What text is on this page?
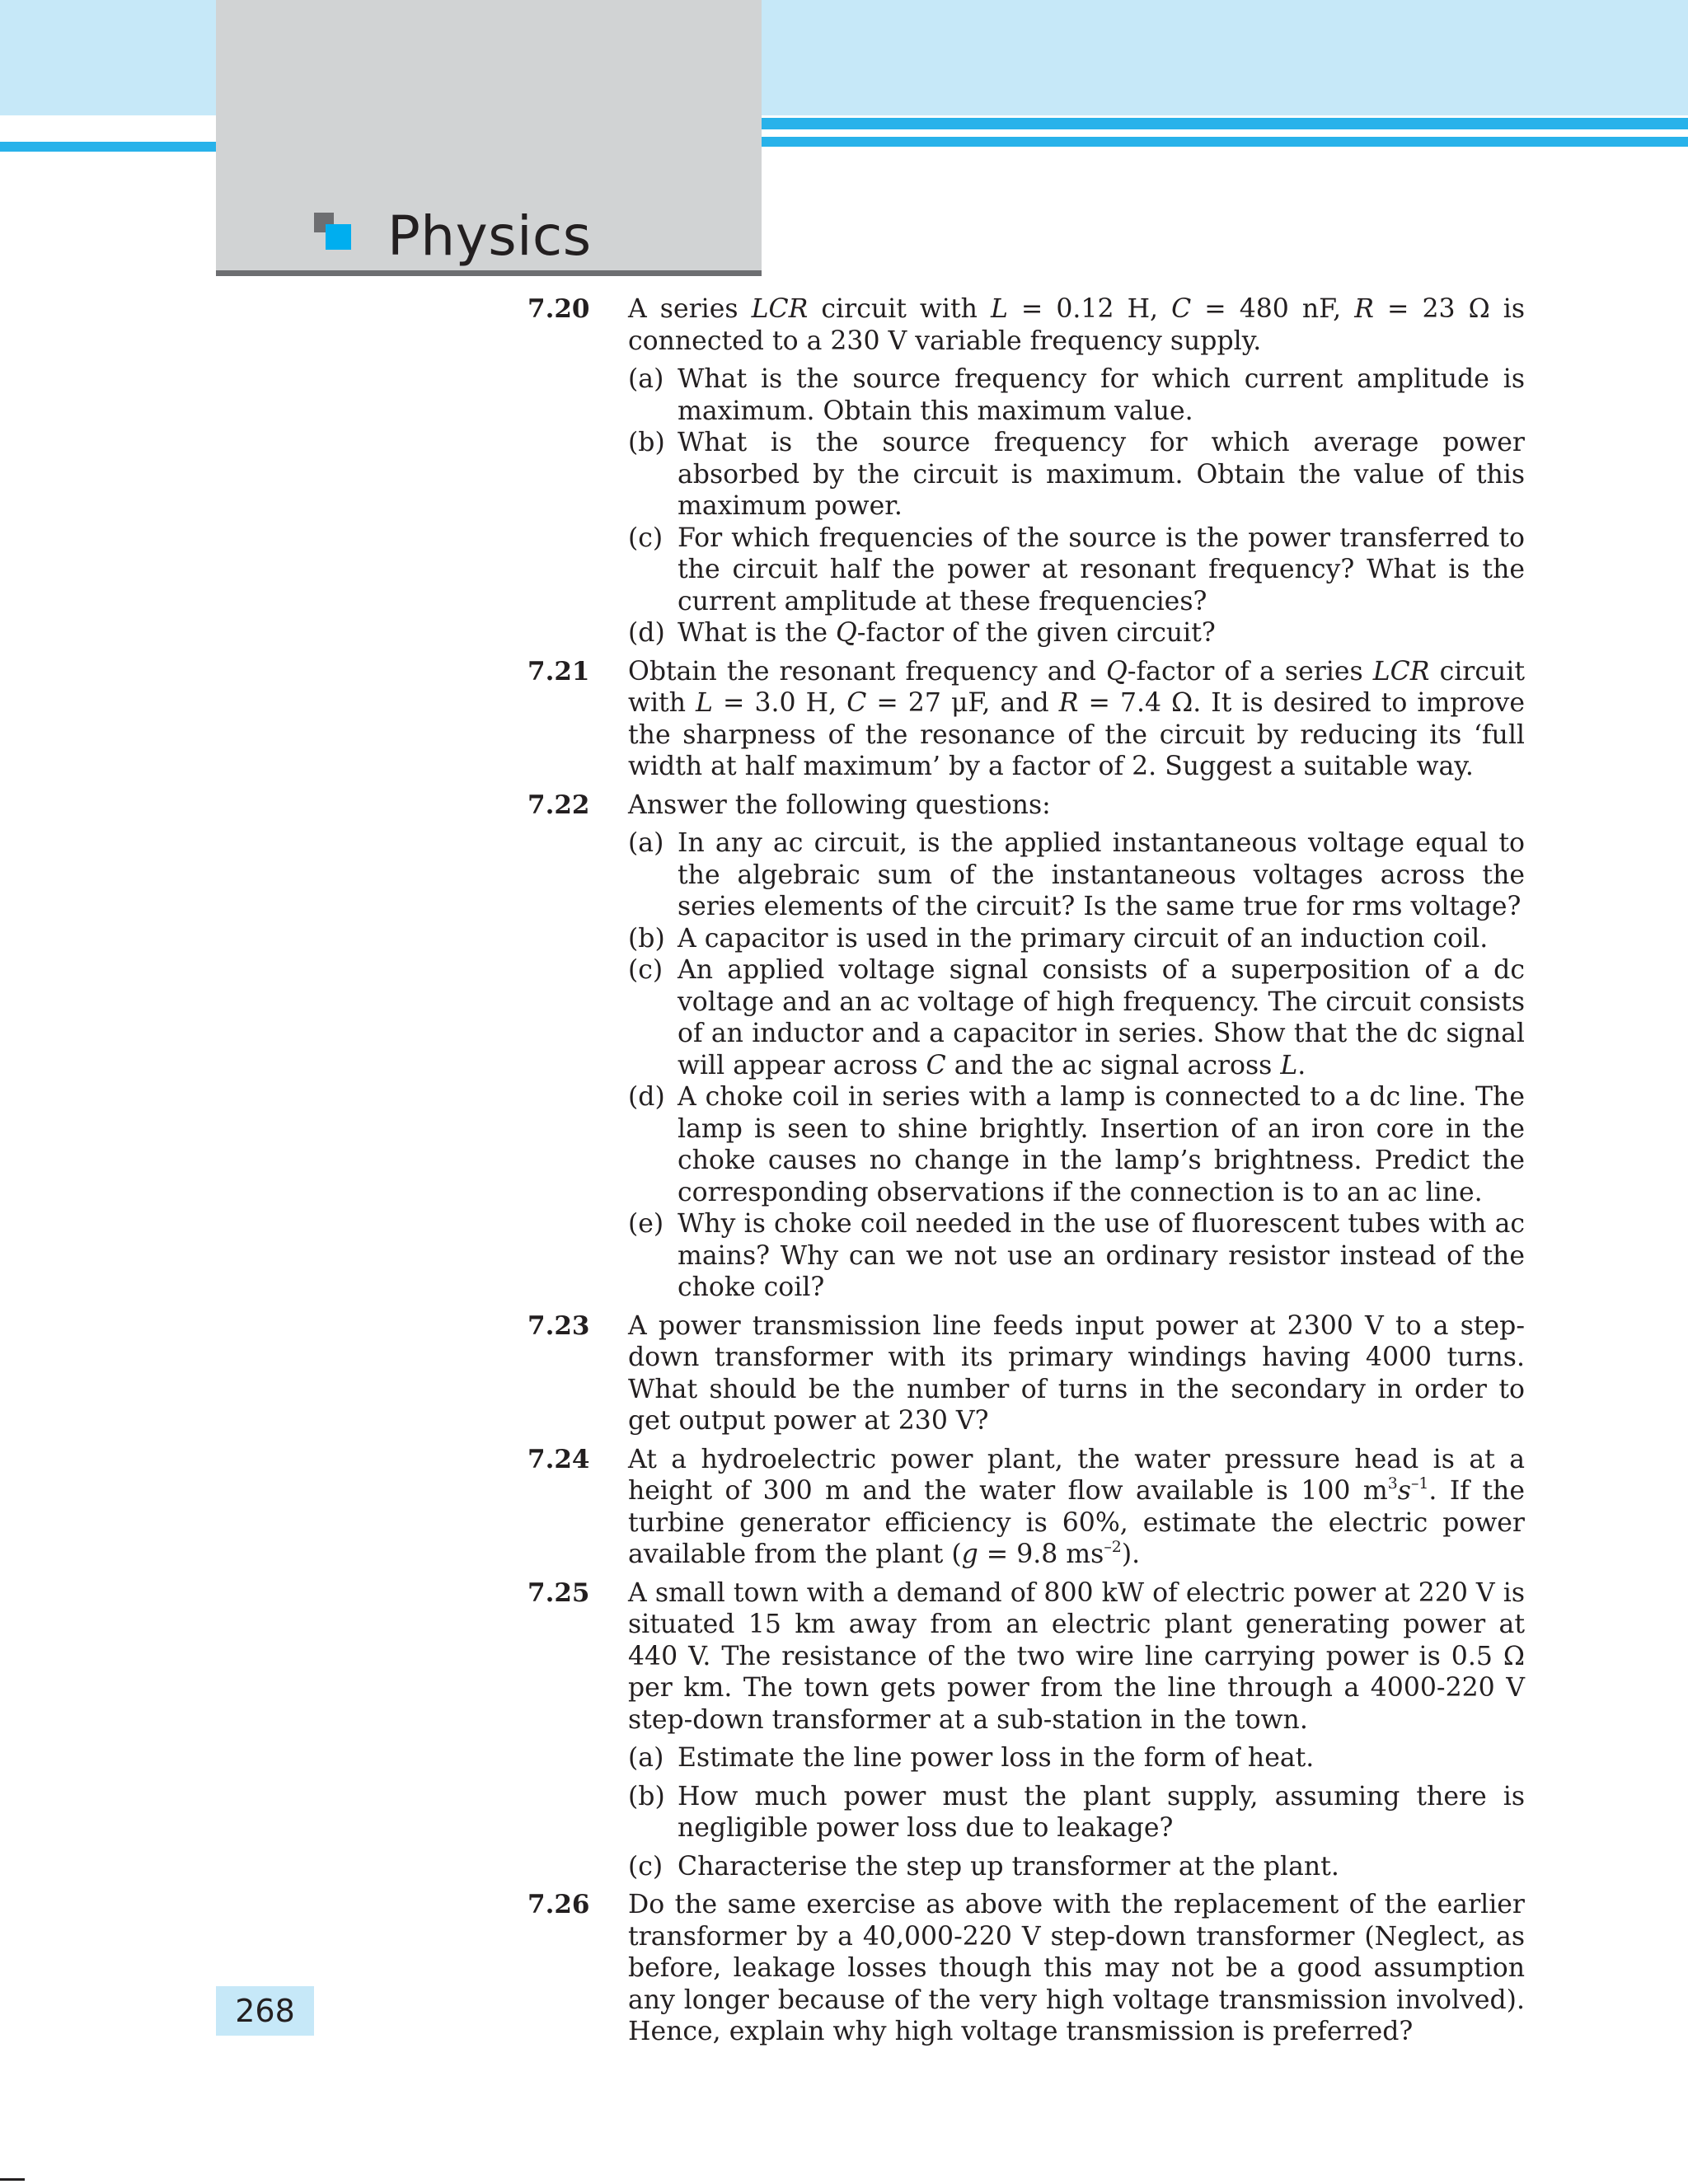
Physics
7.20 A series LCR circuit with L = 0.12 H, C = 480 nF, R = 23 Ω is connected to a 230 V variable frequency supply.

(a) What is the source frequency for which current amplitude is maximum. Obtain this maximum value.

(b) What is the source frequency for which average power absorbed by the circuit is maximum. Obtain the value of this maximum power.

(c) For which frequencies of the source is the power transferred to the circuit half the power at resonant frequency? What is the current amplitude at these frequencies?

(d) What is the Q-factor of the given circuit?

7.21 Obtain the resonant frequency and Q-factor of a series LCR circuit with L = 3.0 H, C = 27 μF, and R = 7.4 Ω. It is desired to improve the sharpness of the resonance of the circuit by reducing its ‘full width at half maximum’ by a factor of 2. Suggest a suitable way.

7.22 Answer the following questions:

(a) In any ac circuit, is the applied instantaneous voltage equal to the algebraic sum of the instantaneous voltages across the series elements of the circuit? Is the same true for rms voltage?

(b) A capacitor is used in the primary circuit of an induction coil.

(c) An applied voltage signal consists of a superposition of a dc voltage and an ac voltage of high frequency. The circuit consists of an inductor and a capacitor in series. Show that the dc signal will appear across C and the ac signal across L.

(d) A choke coil in series with a lamp is connected to a dc line. The lamp is seen to shine brightly. Insertion of an iron core in the choke causes no change in the lamp’s brightness. Predict the corresponding observations if the connection is to an ac line.

(e) Why is choke coil needed in the use of fluorescent tubes with ac mains? Why can we not use an ordinary resistor instead of the choke coil?

7.23 A power transmission line feeds input power at 2300 V to a step-down transformer with its primary windings having 4000 turns. What should be the number of turns in the secondary in order to get output power at 230 V?

7.24 At a hydroelectric power plant, the water pressure head is at a height of 300 m and the water flow available is 100 $m^3s^{-1}$. If the turbine generator efficiency is 60%, estimate the electric power available from the plant (g = 9.8 $ms^{-2}$).

7.25 A small town with a demand of 800 kW of electric power at 220 V is situated 15 km away from an electric plant generating power at 440 V. The resistance of the two wire line carrying power is 0.5 Ω per km. The town gets power from the line through a 4000-220 V step-down transformer at a sub-station in the town.

(a) Estimate the line power loss in the form of heat.

(b) How much power must the plant supply, assuming there is negligible power loss due to leakage?

(c) Characterise the step up transformer at the plant.

7.26 Do the same exercise as above with the replacement of the earlier transformer by a 40,000-220 V step-down transformer (Neglect, as before, leakage losses though this may not be a good assumption any longer because of the very high voltage transmission involved). Hence, explain why high voltage transmission is preferred?

268
